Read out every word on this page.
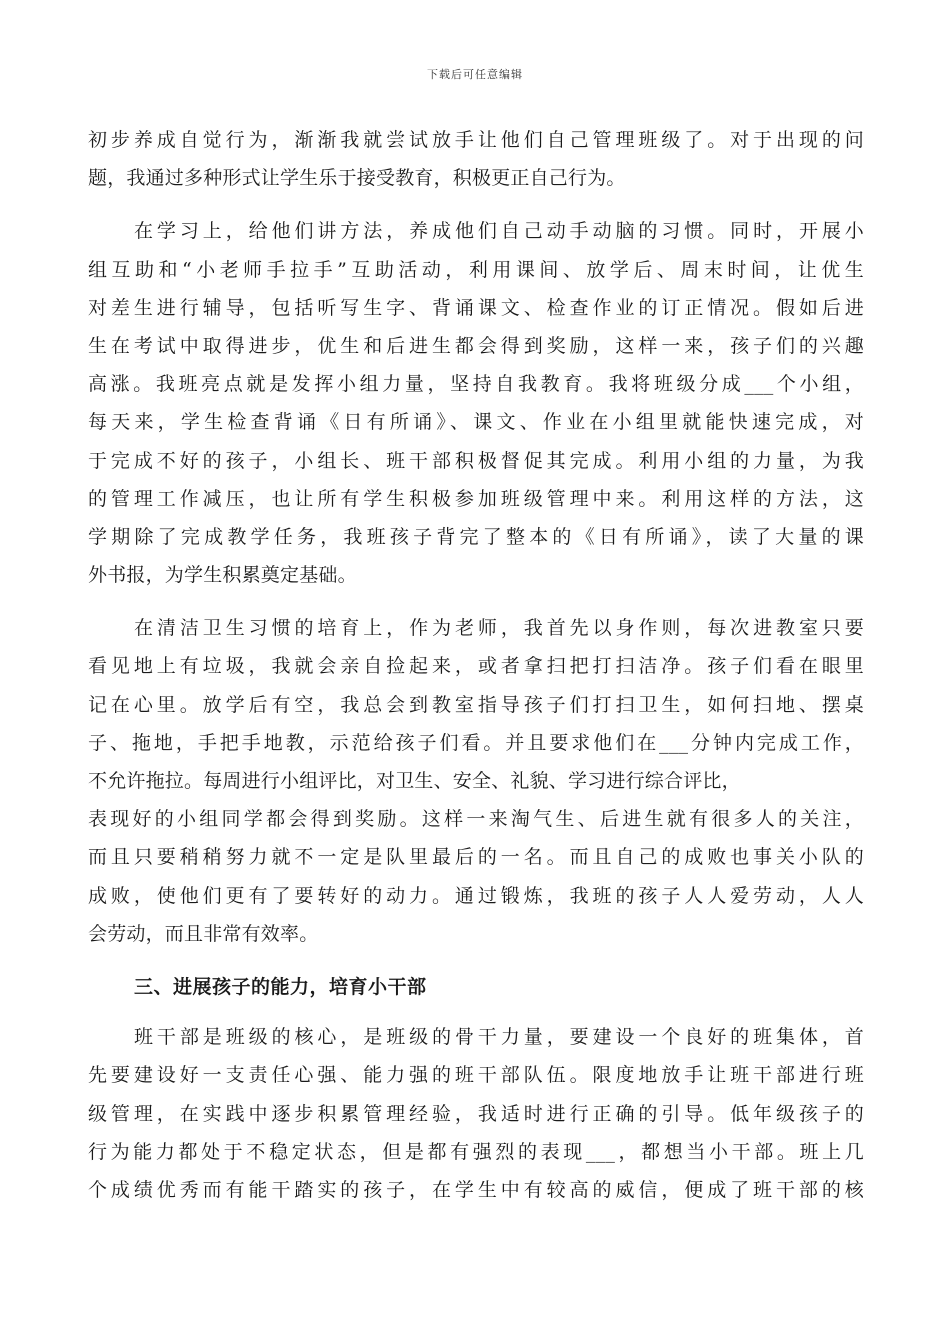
下载后可任意编辑
初步养成自觉行为，渐渐我就尝试放手让他们自己管理班级了。对于出现的问
题，我通过多种形式让学生乐于接受教育，积极更正自己行为。
在学习上，给他们讲方法，养成他们自己动手动脑的习惯。同时，开展小
组互助和“小老师手拉手”互助活动，利用课间、放学后、周末时间，让优生
对差生进行辅导，包括听写生字、背诵课文、检查作业的订正情况。假如后进
生在考试中取得进步，优生和后进生都会得到奖励，这样一来，孩子们的兴趣
高涨。我班亮点就是发挥小组力量，坚持自我教育。我将班级分成___个小组，
每天来，学生检查背诵《日有所诵》、课文、作业在小组里就能快速完成，对
于完成不好的孩子，小组长、班干部积极督促其完成。利用小组的力量，为我
的管理工作减压，也让所有学生积极参加班级管理中来。利用这样的方法，这
学期除了完成教学任务，我班孩子背完了整本的《日有所诵》，读了大量的课
外书报，为学生积累奠定基础。
在清洁卫生习惯的培育上，作为老师，我首先以身作则，每次进教室只要
看见地上有垃圾，我就会亲自捡起来，或者拿扫把打扫洁净。孩子们看在眼里
记在心里。放学后有空，我总会到教室指导孩子们打扫卫生，如何扫地、摆桌
子、拖地，手把手地教，示范给孩子们看。并且要求他们在___分钟内完成工作，
不允许拖拉。每周进行小组评比，对卫生、安全、礼貌、学习进行综合评比，
表现好的小组同学都会得到奖励。这样一来淘气生、后进生就有很多人的关注，
而且只要稍稍努力就不一定是队里最后的一名。而且自己的成败也事关小队的
成败，使他们更有了要转好的动力。通过锻炼，我班的孩子人人爱劳动，人人
会劳动，而且非常有效率。
三、进展孩子的能力，培育小干部
班干部是班级的核心，是班级的骨干力量，要建设一个良好的班集体，首
先要建设好一支责任心强、能力强的班干部队伍。限度地放手让班干部进行班
级管理，在实践中逐步积累管理经验，我适时进行正确的引导。低年级孩子的
行为能力都处于不稳定状态，但是都有强烈的表现___，都想当小干部。班上几
个成绩优秀而有能干踏实的孩子，在学生中有较高的威信，便成了班干部的核
